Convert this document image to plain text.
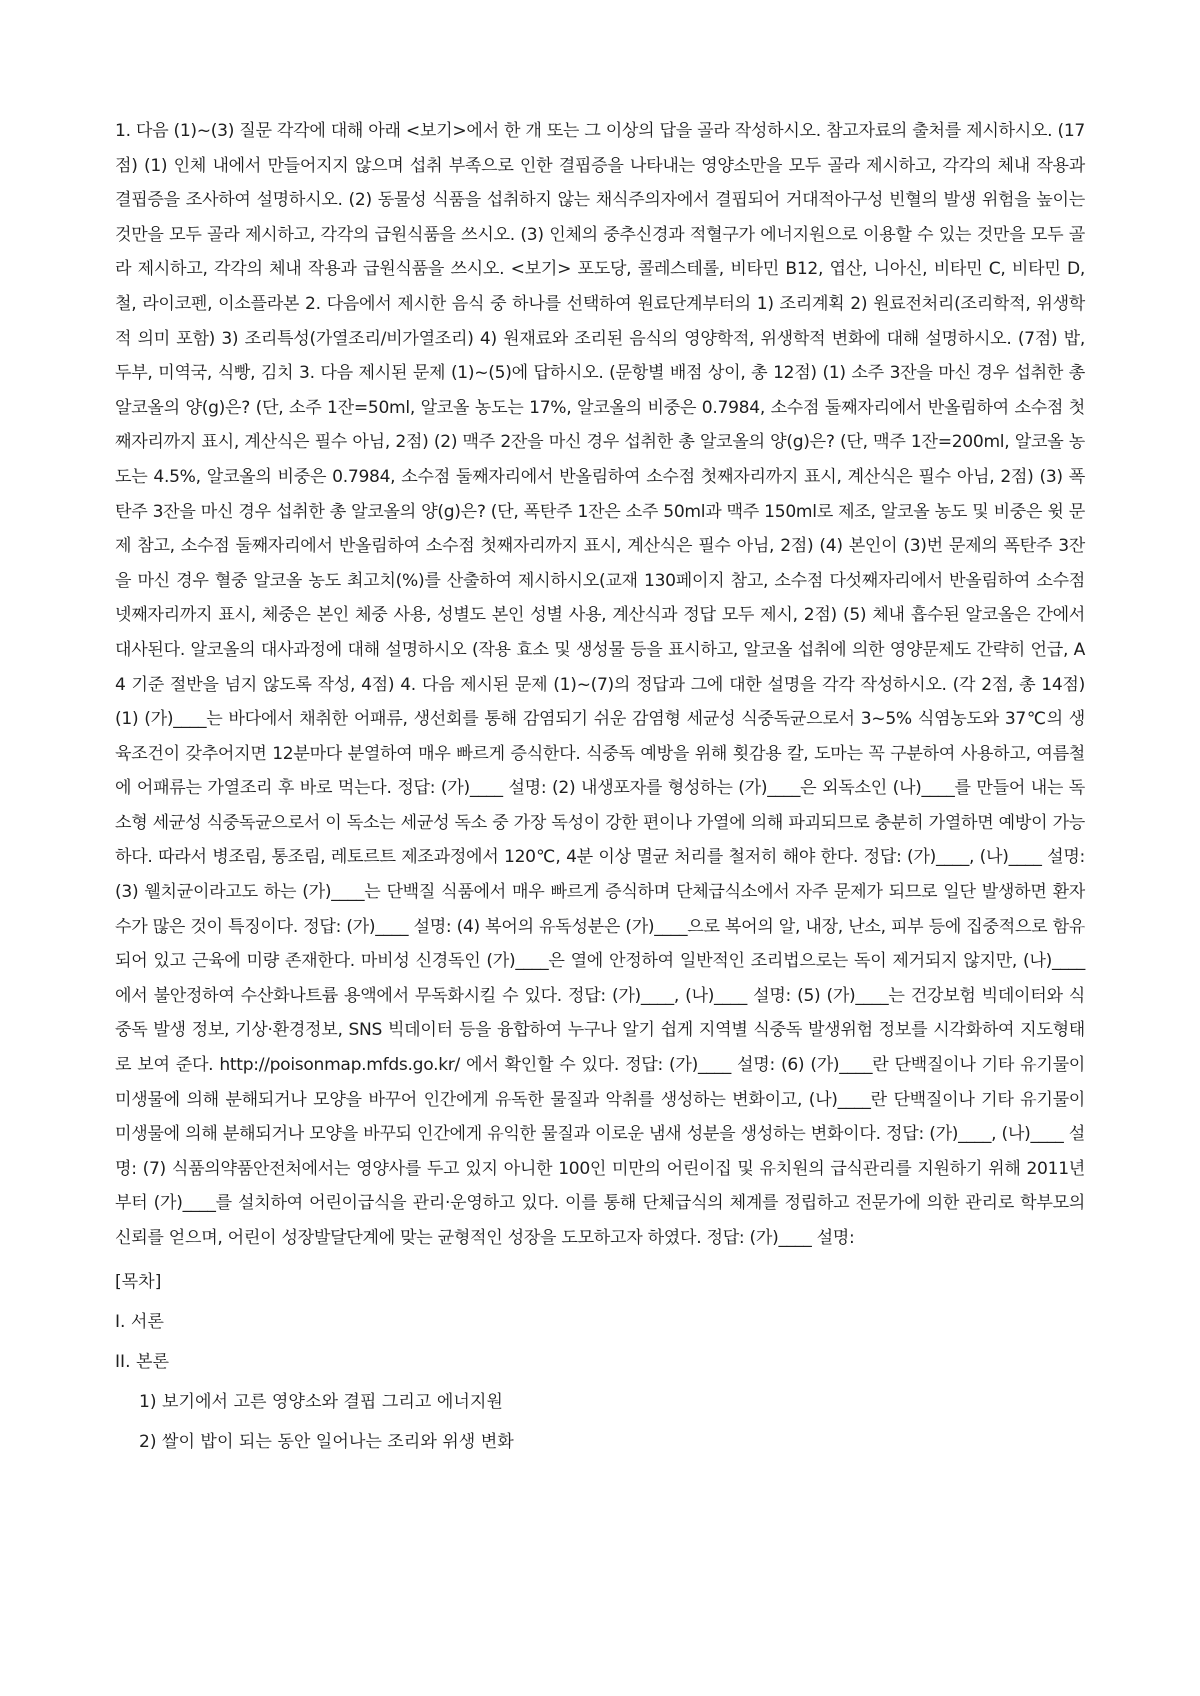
1. 다음 (1)~(3) 질문 각각에 대해 아래 <보기>에서 한 개 또는 그 이상의 답을 골라 작성하시오. 참고자료의 출처를 제시하시오. (17점) (1) 인체 내에서 만들어지지 않으며 섭취 부족으로 인한 결핍증을 나타내는 영양소만을 모두 골라 제시하고, 각각의 체내 작용과 결핍증을 조사하여 설명하시오. (2) 동물성 식품을 섭취하지 않는 채식주의자에서 결핍되어 거대적아구성 빈혈의 발생 위험을 높이는 것만을 모두 골라 제시하고, 각각의 급원식품을 쓰시오. (3) 인체의 중추신경과 적혈구가 에너지원으로 이용할 수 있는 것만을 모두 골라 제시하고, 각각의 체내 작용과 급원식품을 쓰시오. <보기> 포도당, 콜레스테롤, 비타민 B12, 엽산, 니아신, 비타민 C, 비타민 D, 철, 라이코펜, 이소플라본 2. 다음에서 제시한 음식 중 하나를 선택하여 원료단계부터의 1) 조리계획 2) 원료전처리(조리학적, 위생학적 의미 포함) 3) 조리특성(가열조리/비가열조리) 4) 원재료와 조리된 음식의 영양학적, 위생학적 변화에 대해 설명하시오. (7점) 밥, 두부, 미역국, 식빵, 김치 3. 다음 제시된 문제 (1)~(5)에 답하시오. (문항별 배점 상이, 총 12점) (1) 소주 3잔을 마신 경우 섭취한 총 알코올의 양(g)은? (단, 소주 1잔=50ml, 알코올 농도는 17%, 알코올의 비중은 0.7984, 소수점 둘째자리에서 반올림하여 소수점 첫째자리까지 표시, 계산식은 필수 아님, 2점) (2) 맥주 2잔을 마신 경우 섭취한 총 알코올의 양(g)은? (단, 맥주 1잔=200ml, 알코올 농도는 4.5%, 알코올의 비중은 0.7984, 소수점 둘째자리에서 반올림하여 소수점 첫째자리까지 표시, 계산식은 필수 아님, 2점) (3) 폭탄주 3잔을 마신 경우 섭취한 총 알코올의 양(g)은? (단, 폭탄주 1잔은 소주 50ml과 맥주 150ml로 제조, 알코올 농도 및 비중은 윗 문제 참고, 소수점 둘째자리에서 반올림하여 소수점 첫째자리까지 표시, 계산식은 필수 아님, 2점) (4) 본인이 (3)번 문제의 폭탄주 3잔을 마신 경우 혈중 알코올 농도 최고치(%)를 산출하여 제시하시오(교재 130페이지 참고, 소수점 다섯째자리에서 반올림하여 소수점 넷째자리까지 표시, 체중은 본인 체중 사용, 성별도 본인 성별 사용, 계산식과 정답 모두 제시, 2점) (5) 체내 흡수된 알코올은 간에서 대사된다. 알코올의 대사과정에 대해 설명하시오 (작용 효소 및 생성물 등을 표시하고, 알코올 섭취에 의한 영양문제도 간략히 언급, A4 기준 절반을 넘지 않도록 작성, 4점) 4. 다음 제시된 문제 (1)~(7)의 정답과 그에 대한 설명을 각각 작성하시오. (각 2점, 총 14점) (1) (가)____는 바다에서 채취한 어패류, 생선회를 통해 감염되기 쉬운 감염형 세균성 식중독균으로서 3~5% 식염농도와 37℃의 생육조건이 갖추어지면 12분마다 분열하여 매우 빠르게 증식한다. 식중독 예방을 위해 횟감용 칼, 도마는 꼭 구분하여 사용하고, 여름철에 어패류는 가열조리 후 바로 먹는다. 정답: (가)____ 설명: (2) 내생포자를 형성하는 (가)____은 외독소인 (나)____를 만들어 내는 독소형 세균성 식중독균으로서 이 독소는 세균성 독소 중 가장 독성이 강한 편이나 가열에 의해 파괴되므로 충분히 가열하면 예방이 가능하다. 따라서 병조림, 통조림, 레토르트 제조과정에서 120℃, 4분 이상 멸균 처리를 철저히 해야 한다. 정답: (가)____, (나)____ 설명: (3) 웰치균이라고도 하는 (가)____는 단백질 식품에서 매우 빠르게 증식하며 단체급식소에서 자주 문제가 되므로 일단 발생하면 환자수가 많은 것이 특징이다. 정답: (가)____ 설명: (4) 복어의 유독성분은 (가)____으로 복어의 알, 내장, 난소, 피부 등에 집중적으로 함유되어 있고 근육에 미량 존재한다. 마비성 신경독인 (가)____은 열에 안정하여 일반적인 조리법으로는 독이 제거되지 않지만, (나)____에서 불안정하여 수산화나트륨 용액에서 무독화시킬 수 있다. 정답: (가)____, (나)____ 설명: (5) (가)____는 건강보험 빅데이터와 식중독 발생 정보, 기상·환경정보, SNS 빅데이터 등을 융합하여 누구나 알기 쉽게 지역별 식중독 발생위험 정보를 시각화하여 지도형태로 보여 준다. http://poisonmap.mfds.go.kr/ 에서 확인할 수 있다. 정답: (가)____ 설명: (6) (가)____란 단백질이나 기타 유기물이 미생물에 의해 분해되거나 모양을 바꾸어 인간에게 유독한 물질과 악취를 생성하는 변화이고, (나)____란 단백질이나 기타 유기물이 미생물에 의해 분해되거나 모양을 바꾸되 인간에게 유익한 물질과 이로운 냄새 성분을 생성하는 변화이다. 정답: (가)____, (나)____ 설명: (7) 식품의약품안전처에서는 영양사를 두고 있지 아니한 100인 미만의 어린이집 및 유치원의 급식관리를 지원하기 위해 2011년부터 (가)____를 설치하여 어린이급식을 관리·운영하고 있다. 이를 통해 단체급식의 체계를 정립하고 전문가에 의한 관리로 학부모의 신뢰를 얻으며, 어린이 성장발달단계에 맞는 균형적인 성장을 도모하고자 하였다. 정답: (가)____ 설명:

[목차]
I. 서론
II. 본론
1) 보기에서 고른 영양소와 결핍 그리고 에너지원
2) 쌀이 밥이 되는 동안 일어나는 조리와 위생 변화
